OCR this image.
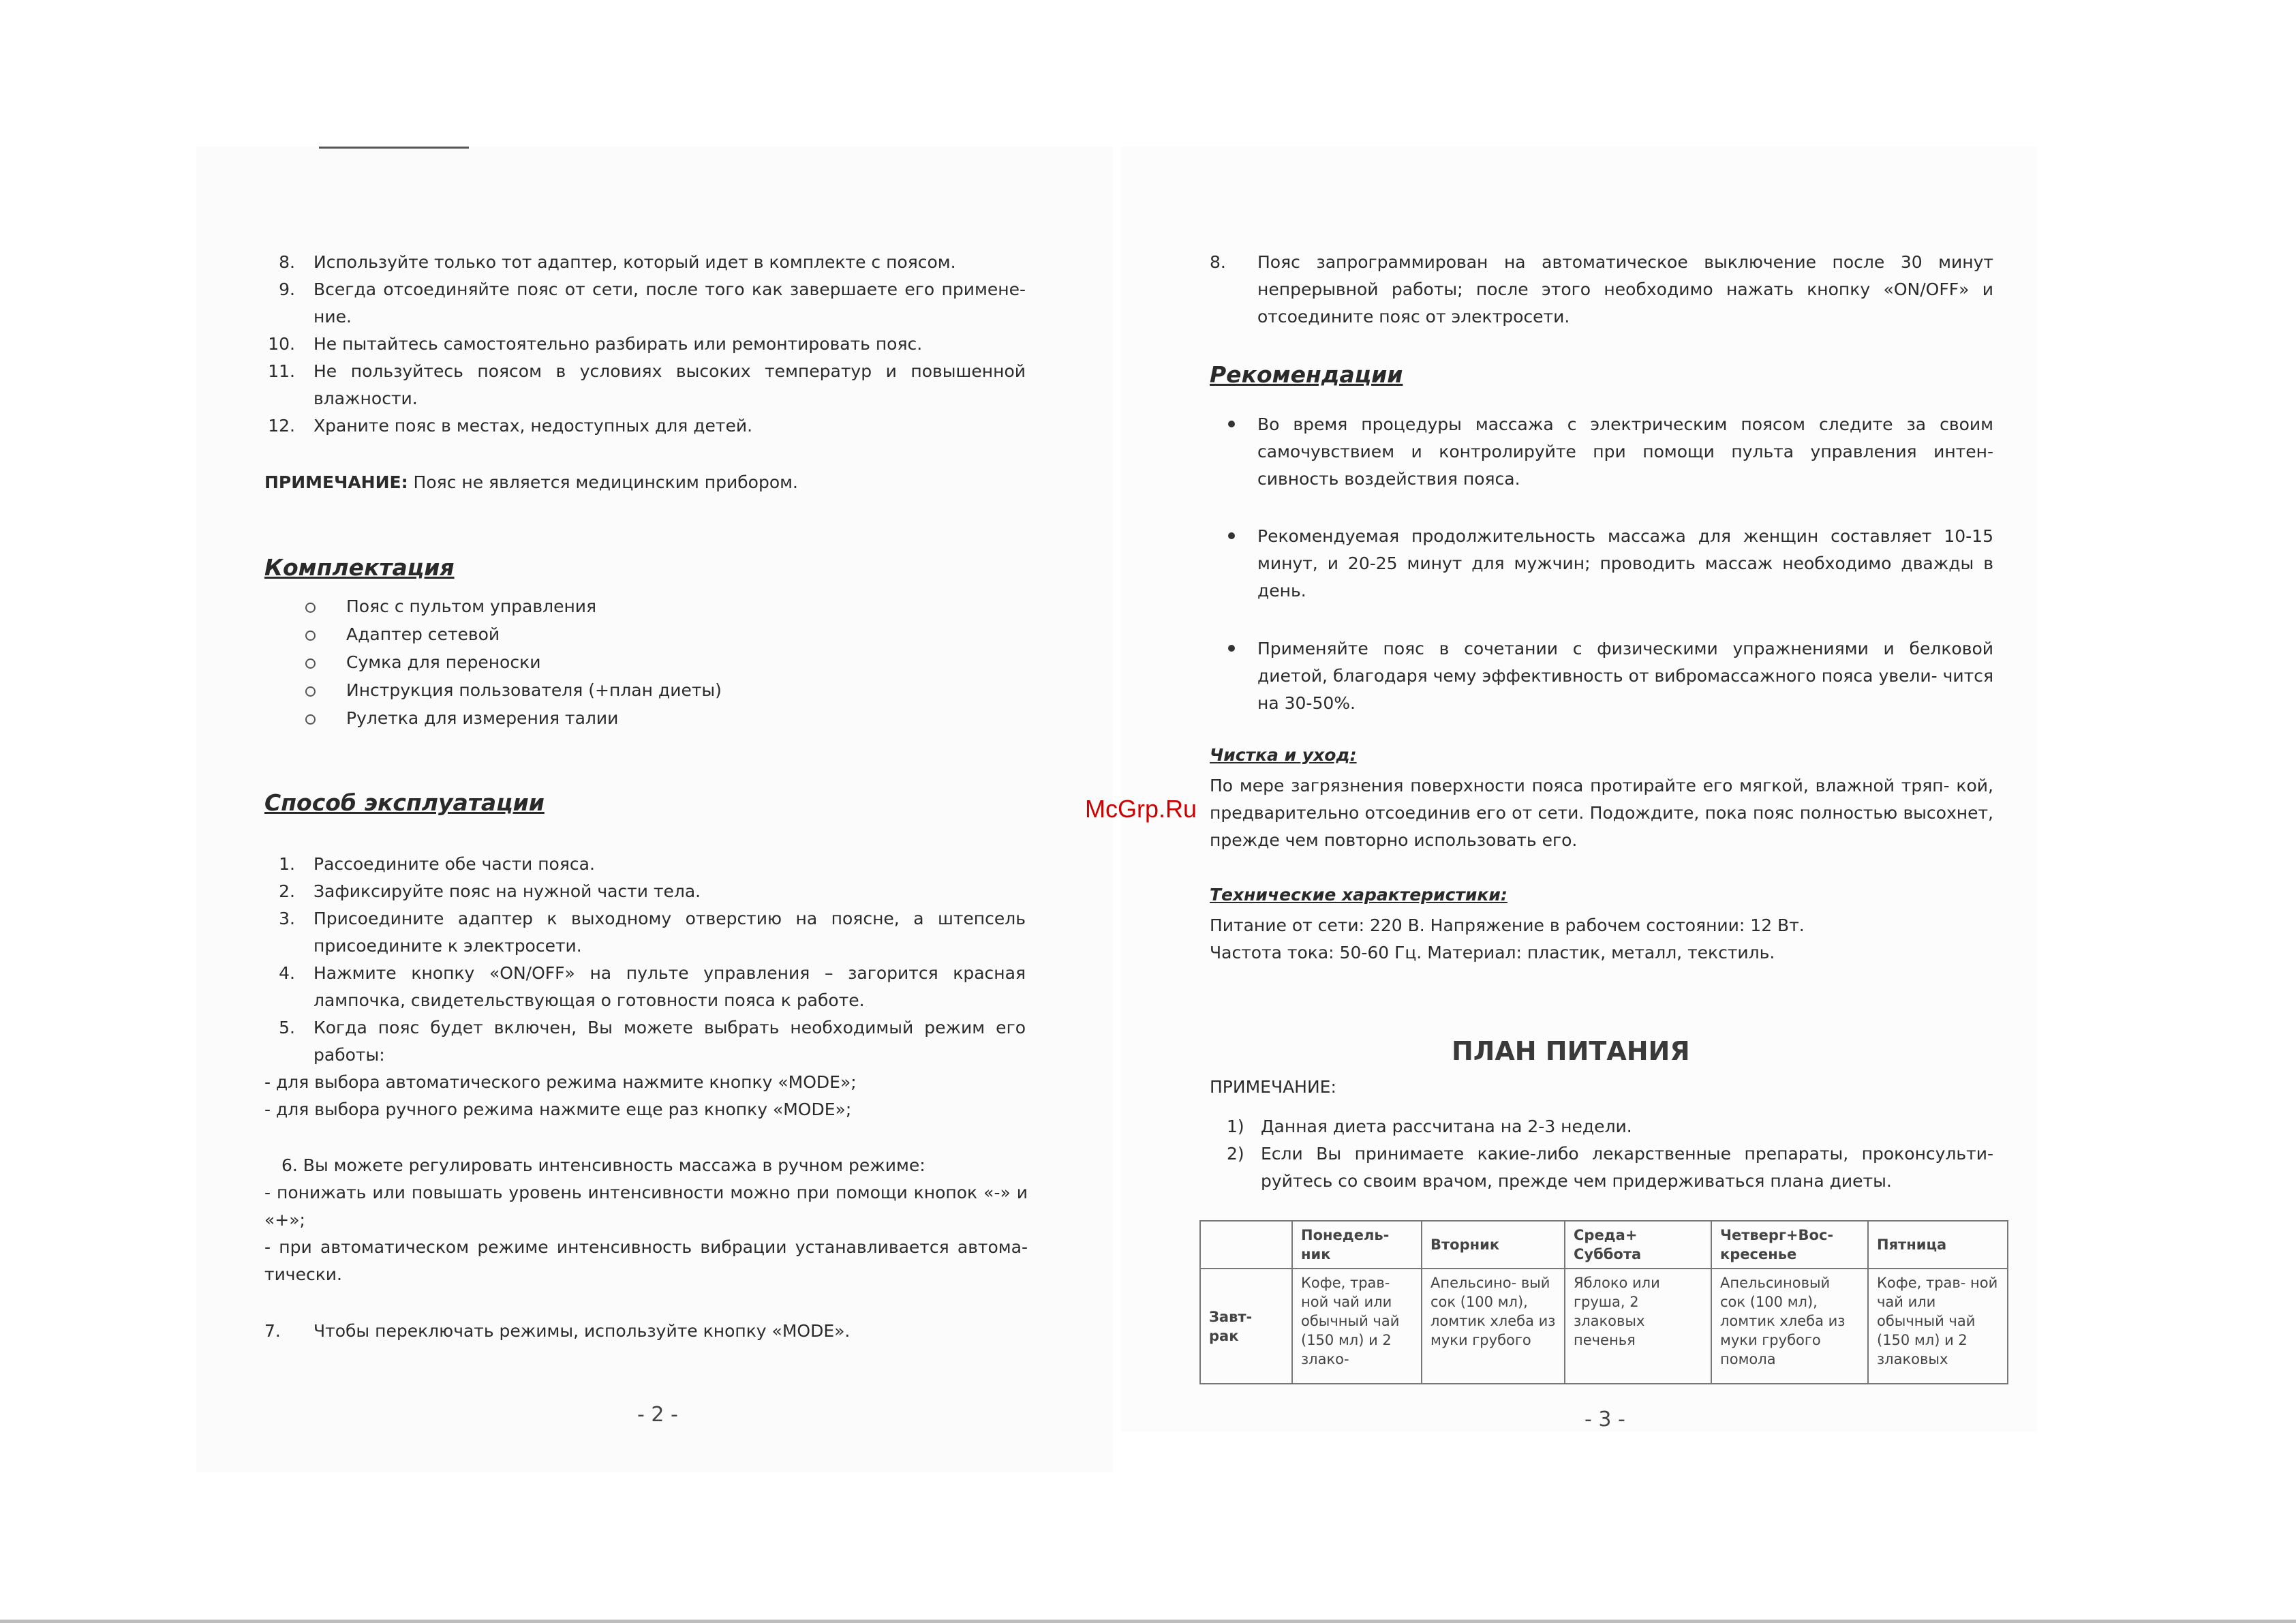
8. Используйте только тот адаптер, который идет в комплекте с поясом.
9. Всегда отсоединяйте пояс от сети, после того как завершаете его примене- ние.
10. Не пытайтесь самостоятельно разбирать или ремонтировать пояс.
11. Не пользуйтесь поясом в условиях высоких температур и повышенной влажности.
12. Храните пояс в местах, недоступных для детей.
ПРИМЕЧАНИЕ: Пояс не является медицинским прибором.
Комплектация
Пояс с пультом управления
Адаптер сетевой
Сумка для переноски
Инструкция пользователя (+план диеты)
Рулетка для измерения талии
Способ эксплуатации
1. Рассоедините обе части пояса.
2. Зафиксируйте пояс на нужной части тела.
3. Присоедините адаптер к выходному отверстию на поясне, а штепсель присоедините к электросети.
4. Нажмите кнопку «ON/OFF» на пульте управления – загорится красная лампочка, свидетельствующая о готовности пояса к работе.
5. Когда пояс будет включен, Вы можете выбрать необходимый режим его работы:
- для выбора автоматического режима нажмите кнопку «MODE»;
- для выбора ручного режима нажмите еще раз кнопку «MODE»;
6. Вы можете регулировать интенсивность массажа в ручном режиме:
- понижать или повышать уровень интенсивности можно при помощи кнопок «-» и «+»;
- при автоматическом режиме интенсивность вибрации устанавливается автома- тически.
7. Чтобы переключать режимы, используйте кнопку «MODE».
- 2 -
8. Пояс запрограммирован на автоматическое выключение после 30 минут непрерывной работы; после этого необходимо нажать кнопку «ON/OFF» и отсоедините пояс от электросети.
Рекомендации
Во время процедуры массажа с электрическим поясом следите за своим самочувствием и контролируйте при помощи пульта управления интен- сивность воздействия пояса.
Рекомендуемая продолжительность массажа для женщин составляет 10-15 минут, и 20-25 минут для мужчин; проводить массаж необходимо дважды в день.
Применяйте пояс в сочетании с физическими упражнениями и белковой диетой, благодаря чему эффективность от вибромассажного пояса увели- чится на 30-50%.
Чистка и уход:
По мере загрязнения поверхности пояса протирайте его мягкой, влажной тряп- кой, предварительно отсоединив его от сети. Подождите, пока пояс полностью высохнет, прежде чем повторно использовать его.
Технические характеристики:
Питание от сети: 220 В. Напряжение в рабочем состоянии: 12 Вт.
Частота тока: 50-60 Гц. Материал: пластик, металл, текстиль.
ПЛАН ПИТАНИЯ
ПРИМЕЧАНИЕ:
1) Данная диета рассчитана на 2-3 недели.
2) Если Вы принимаете какие-либо лекарственные препараты, проконсульти- руйтесь со своим врачом, прежде чем придерживаться плана диеты.
	Понедель- ник	Вторник	Среда+ Суббота	Четверг+Вос- кресенье	Пятница
Завт- рак	Кофе, трав- ной чай или обычный чай (150 мл) и 2 злако-	Апельсино- вый сок (100 мл), ломтик хлеба из муки грубого	Яблоко или груша, 2 злаковых печенья	Апельсиновый сок (100 мл), ломтик хлеба из муки грубого помола	Кофе, трав- ной чай или обычный чай (150 мл) и 2 злаковых
- 3 -
McGrp.Ru
